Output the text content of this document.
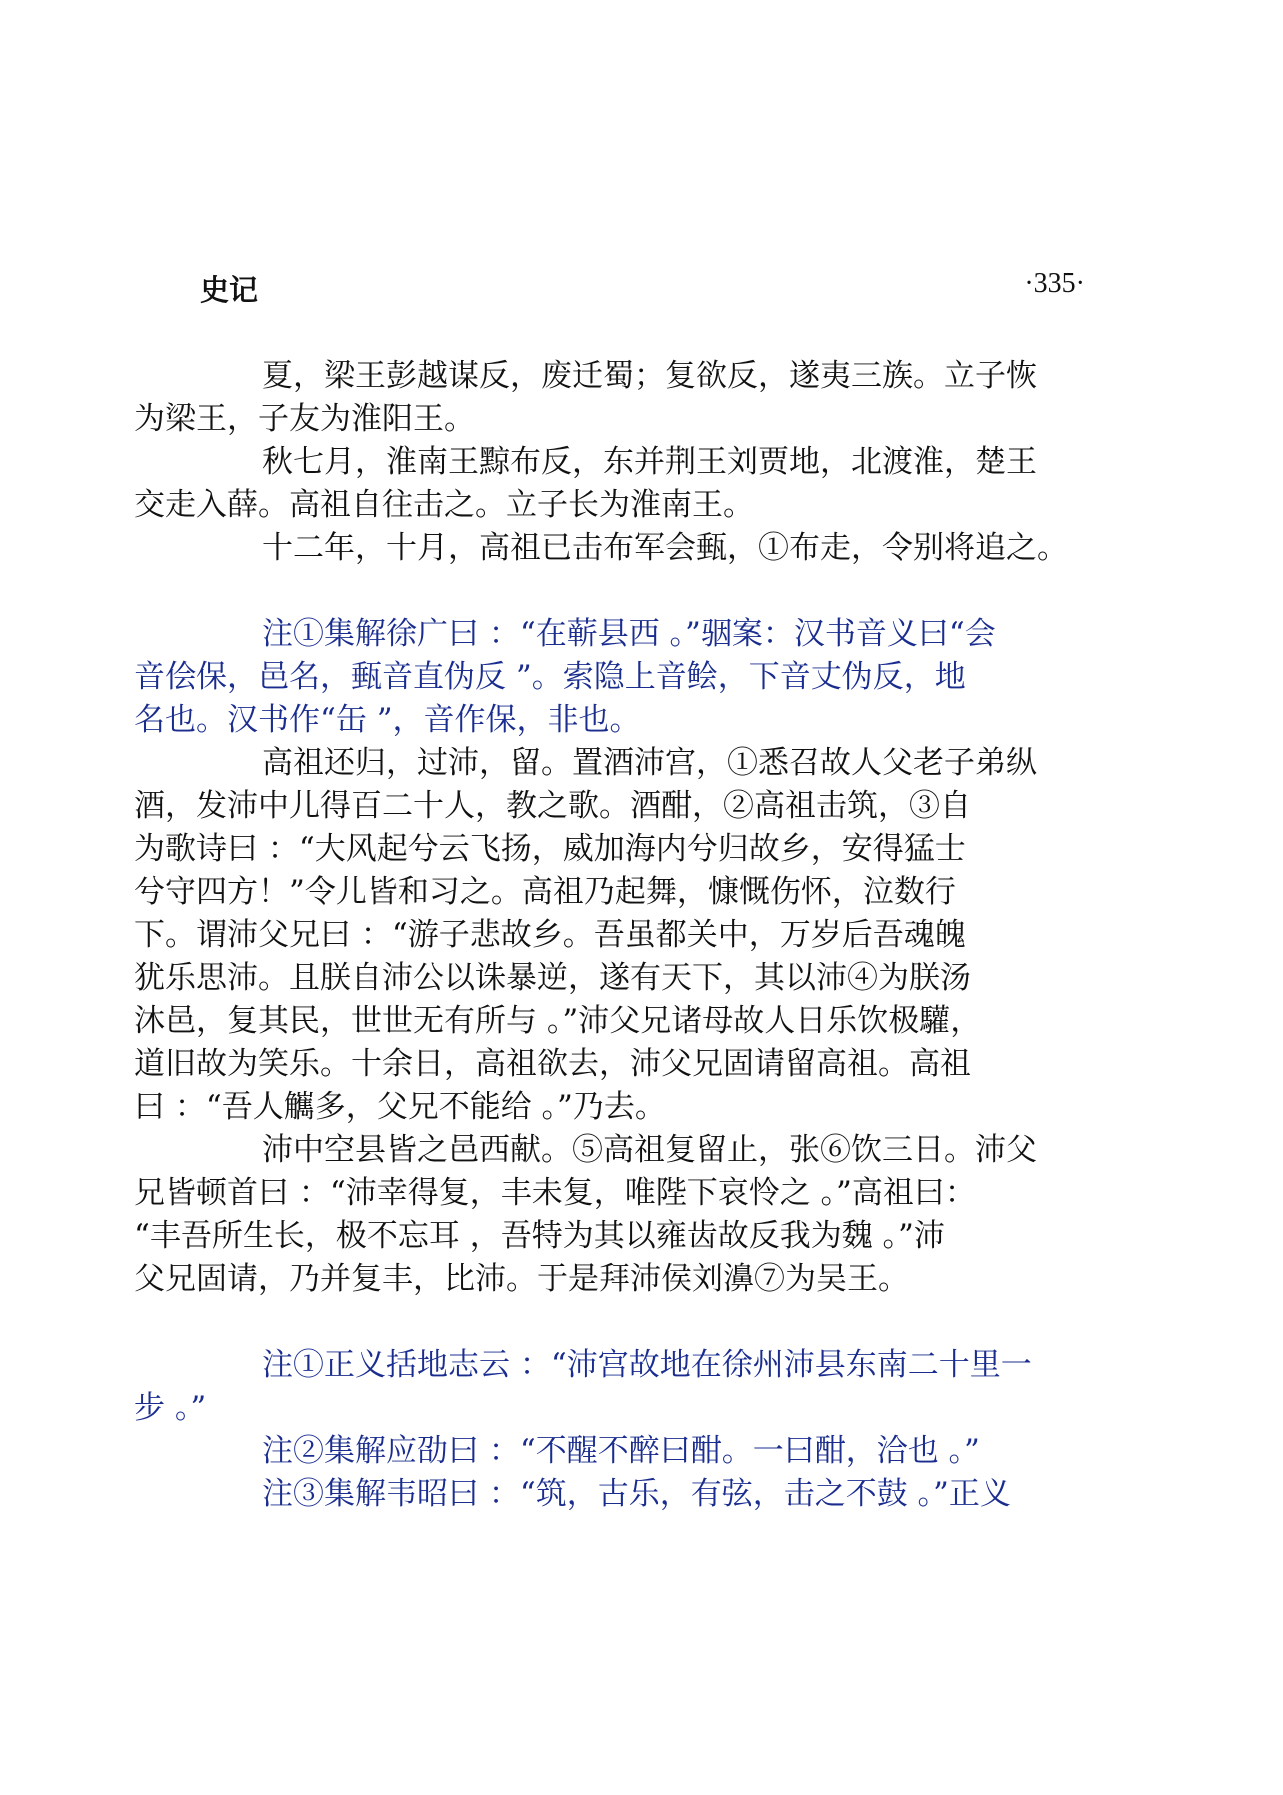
史记	·335·

夏，梁王彭越谋反，废迁蜀；复欲反，遂夷三族。立子恢
为梁王，子友为淮阳王。

秋七月，淮南王黥布反，东并荆王刘贾地，北渡淮，楚王
交走入薛。高祖自往击之。立子长为淮南王。

十二年，十月，高祖已击布军会甀，①布走，令别将追之。

注①集解徐广曰 ：“在蕲县西 。”骃案：汉书音义曰“会
音侩保，邑名，甀音直伪反 ”。索隐上音鲙，下音丈伪反，地
名也。汉书作“缶 ”，音作保，非也。

高祖还归，过沛，留。置酒沛宫，①悉召故人父老子弟纵
酒，发沛中儿得百二十人，教之歌。酒酣，②高祖击筑，③自
为歌诗曰 ：“大风起兮云飞扬，威加海内兮归故乡，安得猛士
兮守四方！”令儿皆和习之。高祖乃起舞，慷慨伤怀，泣数行
下。谓沛父兄曰 ：“游子悲故乡。吾虽都关中，万岁后吾魂魄
犹乐思沛。且朕自沛公以诛暴逆，遂有天下，其以沛④为朕汤
沐邑，复其民，世世无有所与 。”沛父兄诸母故人日乐饮极驩，
道旧故为笑乐。十余日，高祖欲去，沛父兄固请留高祖。高祖
曰 ：“吾人觽多，父兄不能给 。”乃去。

沛中空县皆之邑西献。⑤高祖复留止，张⑥饮三日。沛父
兄皆顿首曰 ：“沛幸得复，丰未复，唯陛下哀怜之 。”高祖曰：
“丰吾所生长，极不忘耳 ，吾特为其以雍齿故反我为魏 。”沛
父兄固请，乃并复丰，比沛。于是拜沛侯刘濞⑦为吴王。

注①正义括地志云 ：“沛宫故地在徐州沛县东南二十里一
步 。”

注②集解应劭曰 ：“不醒不醉曰酣。一曰酣，洽也 。”

注③集解韦昭曰 ：“筑，古乐，有弦，击之不鼓 。”正义
